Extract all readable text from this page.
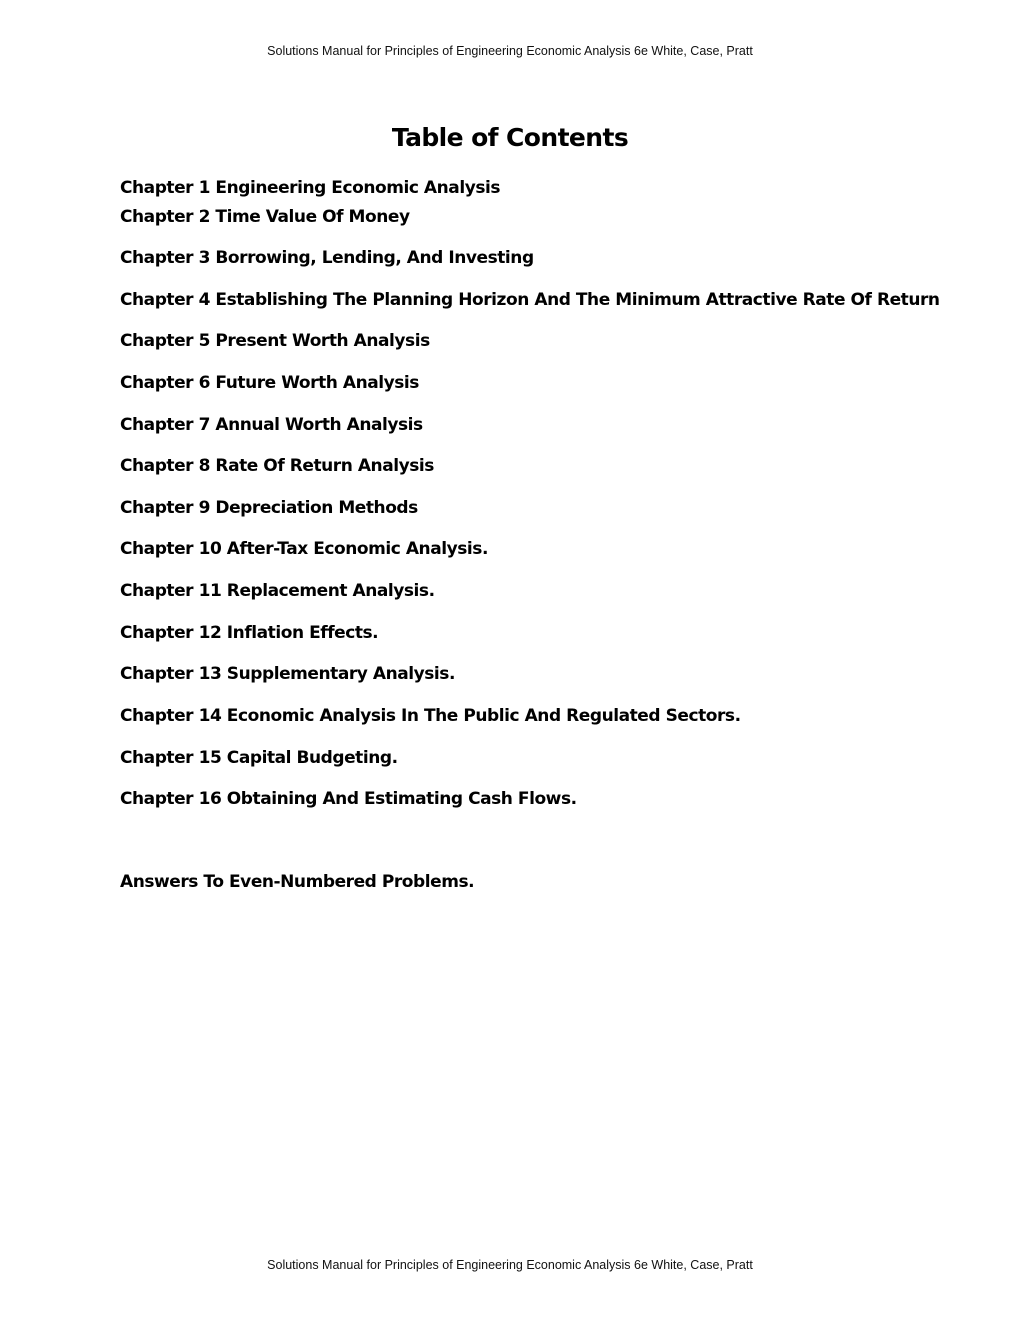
Solutions Manual for Principles of Engineering Economic Analysis 6e White, Case, Pratt
Table of Contents
Chapter 1 Engineering Economic Analysis
Chapter 2 Time Value Of Money
Chapter 3 Borrowing, Lending, And Investing
Chapter 4 Establishing The Planning Horizon And The Minimum Attractive Rate Of Return
Chapter 5 Present Worth Analysis
Chapter 6 Future Worth Analysis
Chapter 7 Annual Worth Analysis
Chapter 8 Rate Of Return Analysis
Chapter 9 Depreciation Methods
Chapter 10 After-Tax Economic Analysis.
Chapter 11 Replacement Analysis.
Chapter 12 Inflation Effects.
Chapter 13 Supplementary Analysis.
Chapter 14 Economic Analysis In The Public And Regulated Sectors.
Chapter 15 Capital Budgeting.
Chapter 16 Obtaining And Estimating Cash Flows.
Answers To Even-Numbered Problems.
Solutions Manual for Principles of Engineering Economic Analysis 6e White, Case, Pratt
